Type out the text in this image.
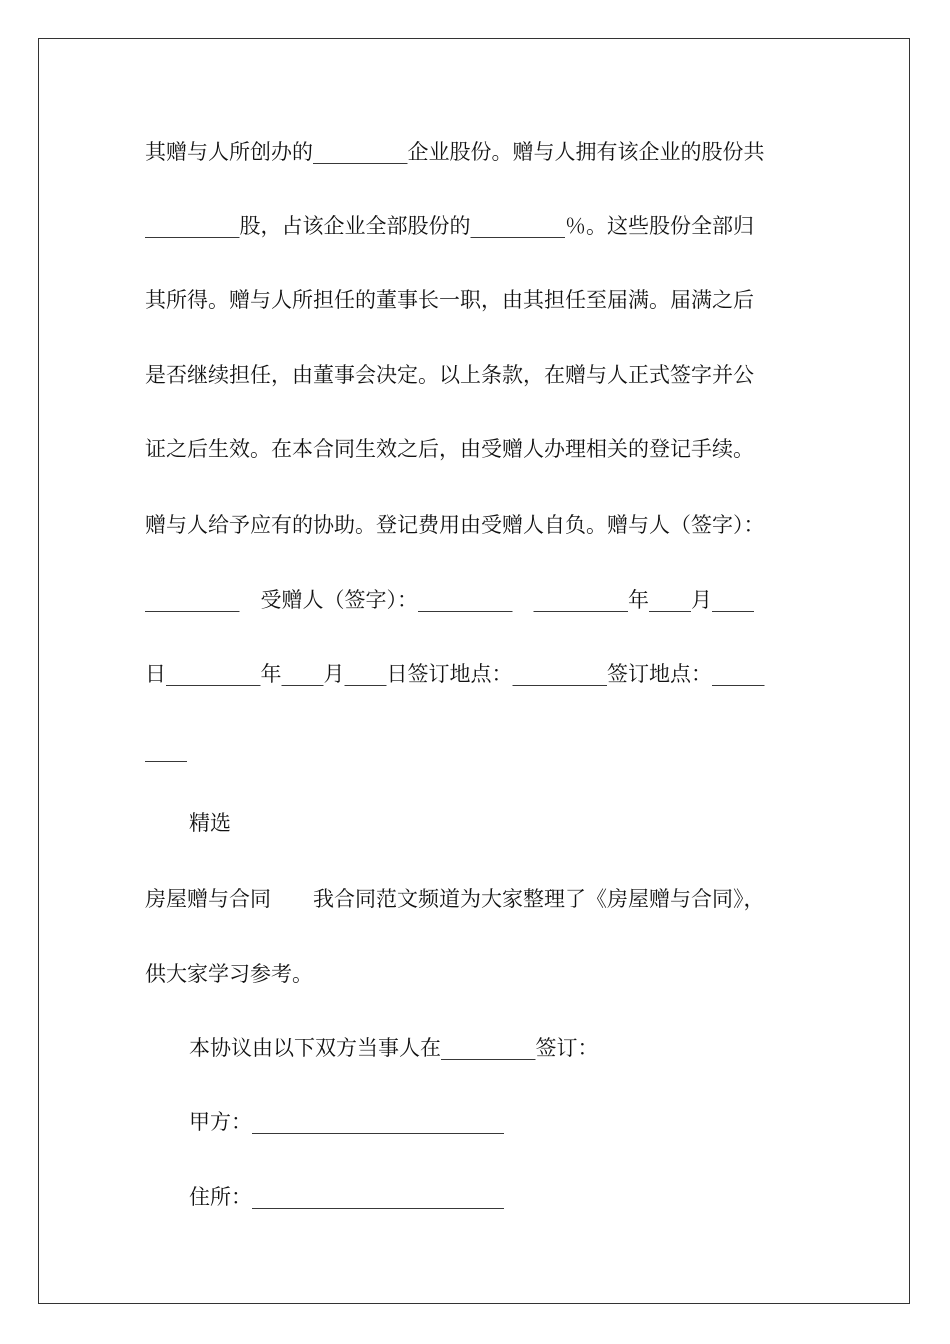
其赠与人所创办的_________企业股份。赠与人拥有该企业的股份共
_________股，占该企业全部股份的_________％。这些股份全部归
其所得。赠与人所担任的董事长一职，由其担任至届满。届满之后
是否继续担任，由董事会决定。以上条款，在赠与人正式签字并公
证之后生效。在本合同生效之后，由受赠人办理相关的登记手续。
赠与人给予应有的协助。登记费用由受赠人自负。赠与人（签字）：
_________　受赠人（签字）：_________　_________年____月____
日_________年____月____日签订地点：_________签订地点：_____
____
精选
房屋赠与合同　　我合同范文频道为大家整理了《房屋赠与合同》，
供大家学习参考。
本协议由以下双方当事人在_________签订：
甲方：________________________
住所：________________________
